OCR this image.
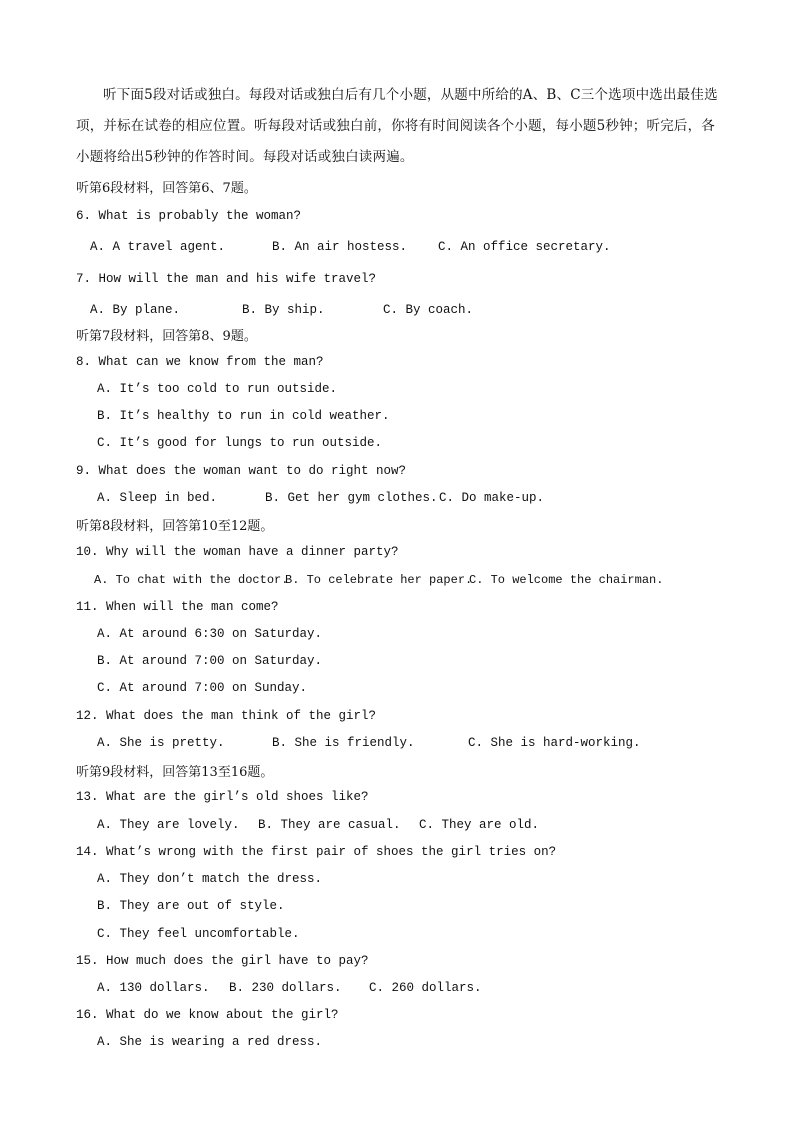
听下面5段对话或独白。每段对话或独白后有几个小题，从题中所给的A、B、C三个选项中选出最佳选项，并标在试卷的相应位置。听每段对话或独白前，你将有时间阅读各个小题，每小题5秒钟；听完后，各小题将给出5秒钟的作答时间。每段对话或独白读两遍。
听第6段材料，回答第6、7题。
6. What is probably the woman?
A. A travel agent.	B. An air hostess. C. An office secretary.
7. How will the man and his wife travel?
A. By plane.	B. By ship.	C. By coach.
听第7段材料，回答第8、9题。
8. What can we know from the man?
A. It’s too cold to run outside.
B. It’s healthy to run in cold weather.
C. It’s good for lungs to run outside.
9. What does the woman want to do right now?
A. Sleep in bed.	B. Get her gym clothes. C. Do make-up.
听第8段材料，回答第10至12题。
10. Why will the woman have a dinner party?
A. To chat with the doctor.
B. To celebrate her paper.
C. To welcome the chairman.
11. When will the man come?
A. At around 6:30 on Saturday.
B. At around 7:00 on Saturday.
C. At around 7:00 on Sunday.
12. What does the man think of the girl?
A. She is pretty.	B. She is friendly.	C. She is hard-working.
听第9段材料，回答第13至16题。
13. What are the girl’s old shoes like?
A. They are lovely. B. They are casual. C. They are old.
14. What’s wrong with the first pair of shoes the girl tries on?
A. They don’t match the dress.
B. They are out of style.
C. They feel uncomfortable.
15. How much does the girl have to pay?
A. 130 dollars. B. 230 dollars. C. 260 dollars.
16. What do we know about the girl?
A. She is wearing a red dress.
